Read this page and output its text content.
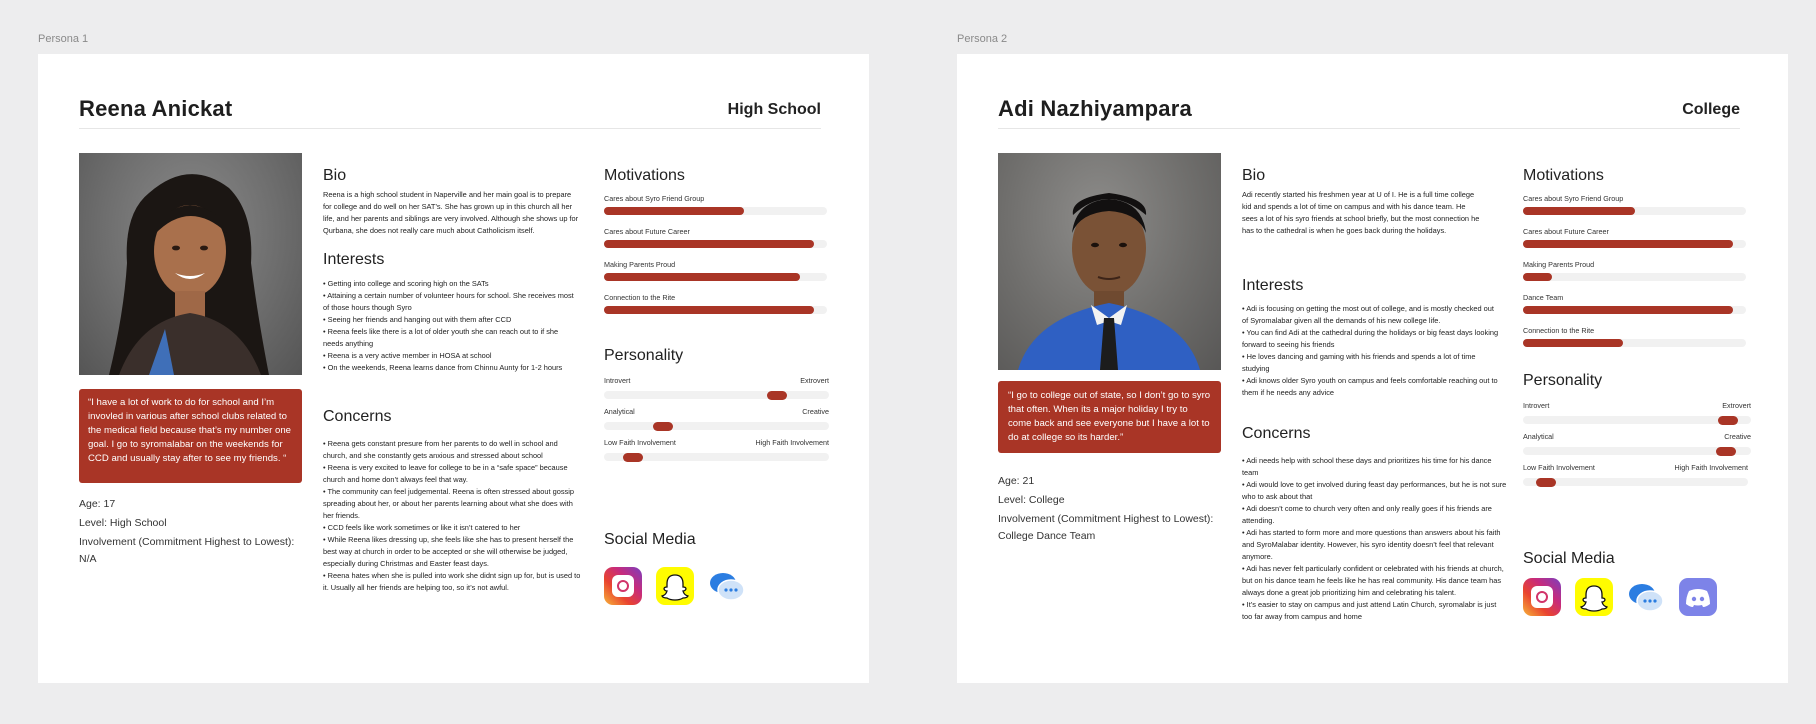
Persona 1	Persona 2
Reena Anickat	High School
“I have a lot of work to do for school and I’m invovled in various after school clubs related to the medical field because that’s my number one goal. I go to syromalabar on the weekends for CCD and usually stay after to see my friends. “
Age: 17
Level: High School
Involvement (Commitment Highest to Lowest):
N/A
Bio
Reena is a high school student in Naperville and her main goal is to prepare for college and do well on her SAT’s. She has grown up in this church all her life, and her parents and siblings are very involved. Although she shows up for Qurbana, she does not really care much about Catholicism itself.
Interests
• Getting into college and scoring high on the SATs
• Attaining a certain number of volunteer hours for school. She receives most of those hours though Syro
• Seeing her friends and hanging out with them after CCD
• Reena feels like there is a lot of older youth she can reach out to if she needs anything
• Reena is a very active member in HOSA at school
• On the weekends, Reena learns dance from Chinnu Aunty for 1-2 hours
Concerns
• Reena gets constant presure from her parents to do well in school and church, and she constantly gets anxious and stressed about school
• Reena is very excited to leave for college to be in a “safe space” because church and home don’t always feel that way.
• The community can feel judgemental. Reena is often stressed about gossip spreading about her, or about her parents learning about what she does with her friends.
• CCD feels like work sometimes or like it isn’t catered to her
• While Reena likes dressing up, she feels like she has to present herself the best way at church in order to be accepted or she will otherwise be judged, especially during Christmas and Easter feast days.
• Reena hates when she is pulled into work she didnt sign up for, but is used to it. Usually all her friends are helping too, so it’s not awful.
Motivations
Cares about Syro Friend Group
Cares about Future Career
Making Parents Proud
Connection to the Rite
Personality
Introvert	Extrovert
Analytical	Creative
Low Faith Involvement	High Faith Involvement
Social Media
Adi Nazhiyampara	College
“I go to college out of state, so I don’t go to syro that often. When its a major holiday I try to come back and see everyone but I have a lot to do at college so its harder.”
Age: 21
Level: College
Involvement (Commitment Highest to Lowest):
College Dance Team
Bio
Adi recently started his freshmen year at U of I. He is a full time college kid and spends a lot of time on campus and with his dance team. He sees a lot of his syro friends at school briefly, but the most connection he has to the cathedral is when he goes back during the holidays.
Interests
• Adi is focusing on getting the most out of college, and is mostly checked out of Syromalabar given all the demands of his new college life.
• You can find Adi at the cathedral during the holidays or big feast days looking forward to seeing his friends
• He loves dancing and gaming with his friends and spends a lot of time studying
• Adi knows older Syro youth on campus and feels comfortable reaching out to them if he needs any advice
Concerns
• Adi needs help with school these days and prioritizes his time for his dance team
• Adi would love to get involved during feast day performances, but he is not sure who to ask about that
• Adi doesn’t come to church very often and only really goes if his friends are attending.
• Adi has started to form more and more questions than answers about his faith and SyroMalabar identity. However, his syro identity doesn’t feel that relevant anymore.
• Adi has never felt particularly confident or celebrated with his friends at church, but on his dance team he feels like he has real community. His dance team has always done a great job prioritizing him and celebrating his talent.
• It’s easier to stay on campus and just attend Latin Church, syromalabr is just too far away from campus and home
Motivations
Cares about Syro Friend Group
Cares about Future Career
Making Parents Proud
Dance Team
Connection to the Rite
Personality
Introvert	Extrovert
Analytical	Creative
Low Faith Involvement	High Faith Involvement
Social Media
